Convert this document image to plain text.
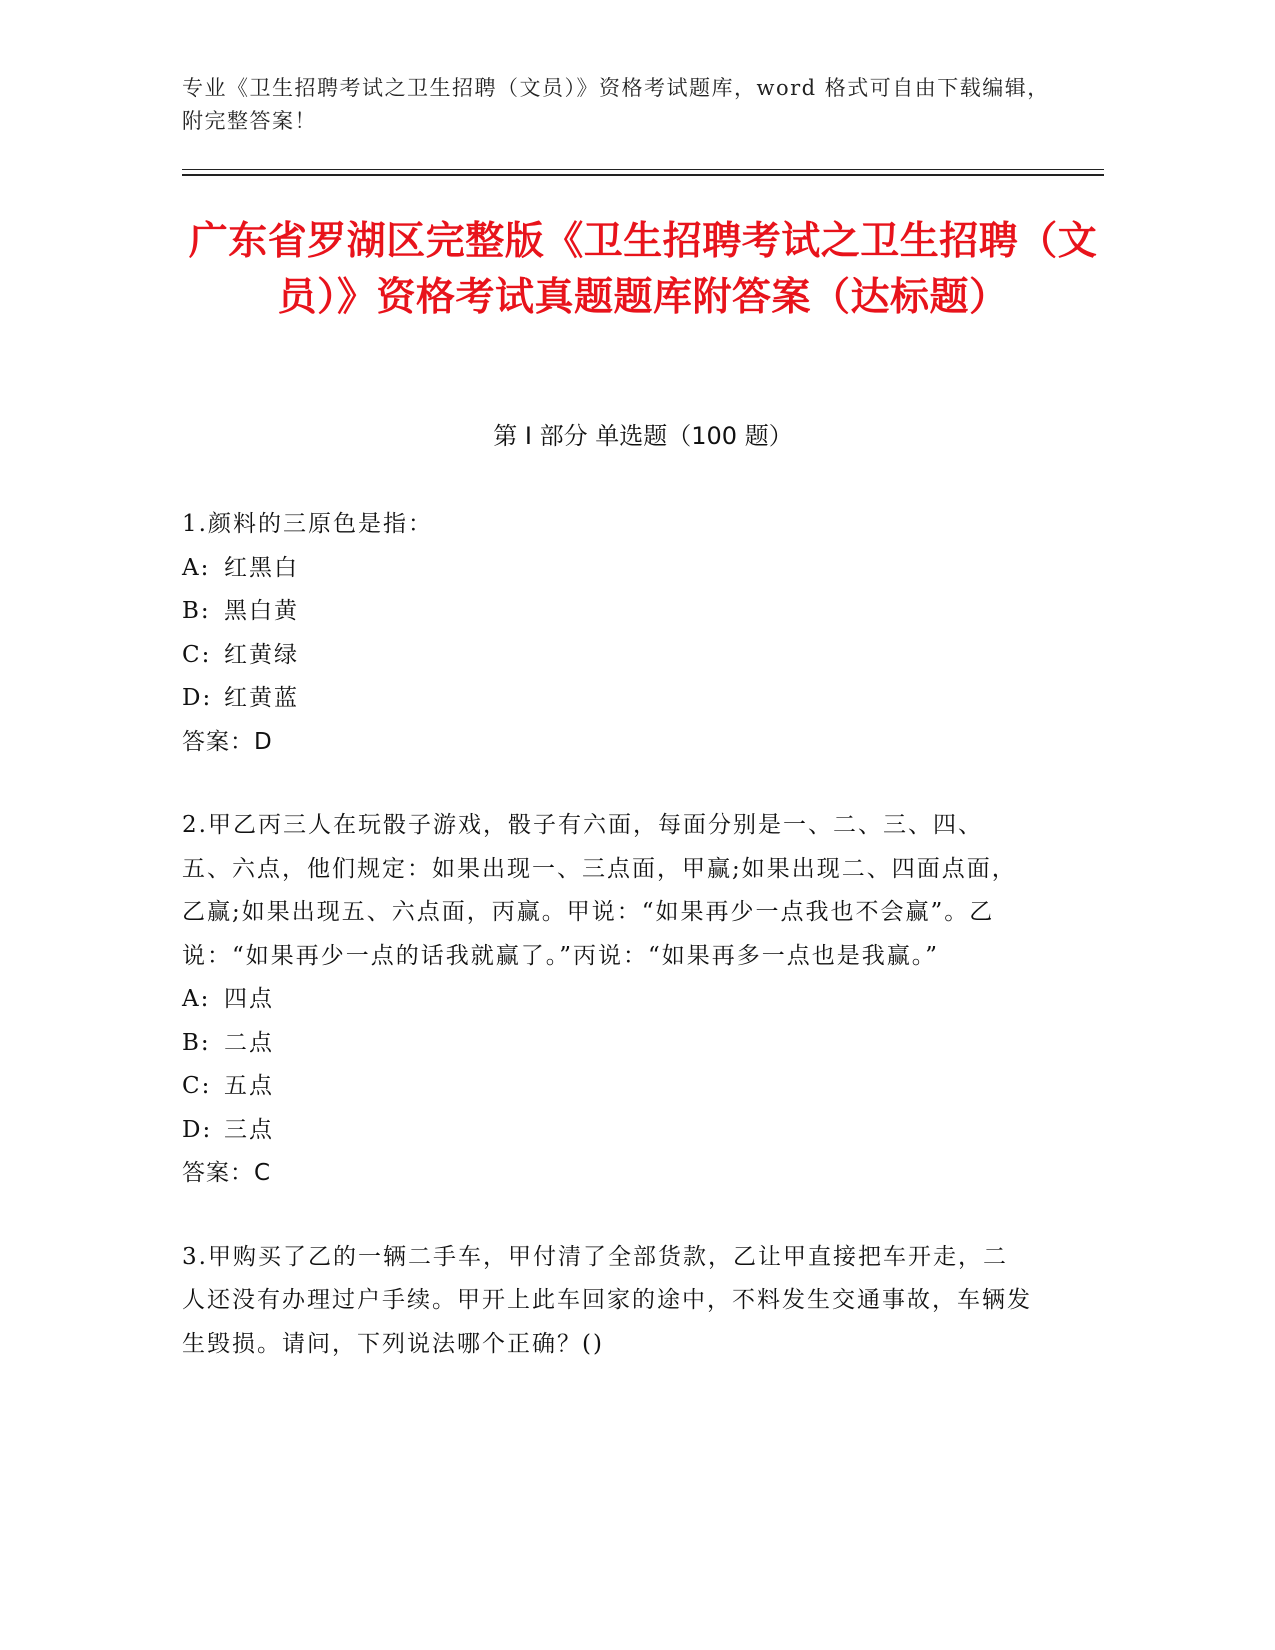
专业《卫生招聘考试之卫生招聘（文员）》资格考试题库，word 格式可自由下载编辑，附完整答案！
广东省罗湖区完整版《卫生招聘考试之卫生招聘（文员）》资格考试真题题库附答案（达标题）
第 I 部分 单选题（100 题）
1.颜料的三原色是指：
A: 红黑白
B: 黑白黄
C: 红黄绿
D: 红黄蓝
答案：D
2.甲乙丙三人在玩骰子游戏，骰子有六面，每面分别是一、二、三、四、五、六点，他们规定：如果出现一、三点面，甲赢;如果出现二、四面点面，乙赢;如果出现五、六点面，丙赢。甲说：“如果再少一点我也不会赢”。乙说：“如果再少一点的话我就赢了。”丙说：“如果再多一点也是我赢。”
A: 四点
B: 二点
C: 五点
D: 三点
答案：C
3.甲购买了乙的一辆二手车，甲付清了全部货款，乙让甲直接把车开走，二人还没有办理过户手续。甲开上此车回家的途中，不料发生交通事故，车辆发生毁损。请问，下列说法哪个正确？()
